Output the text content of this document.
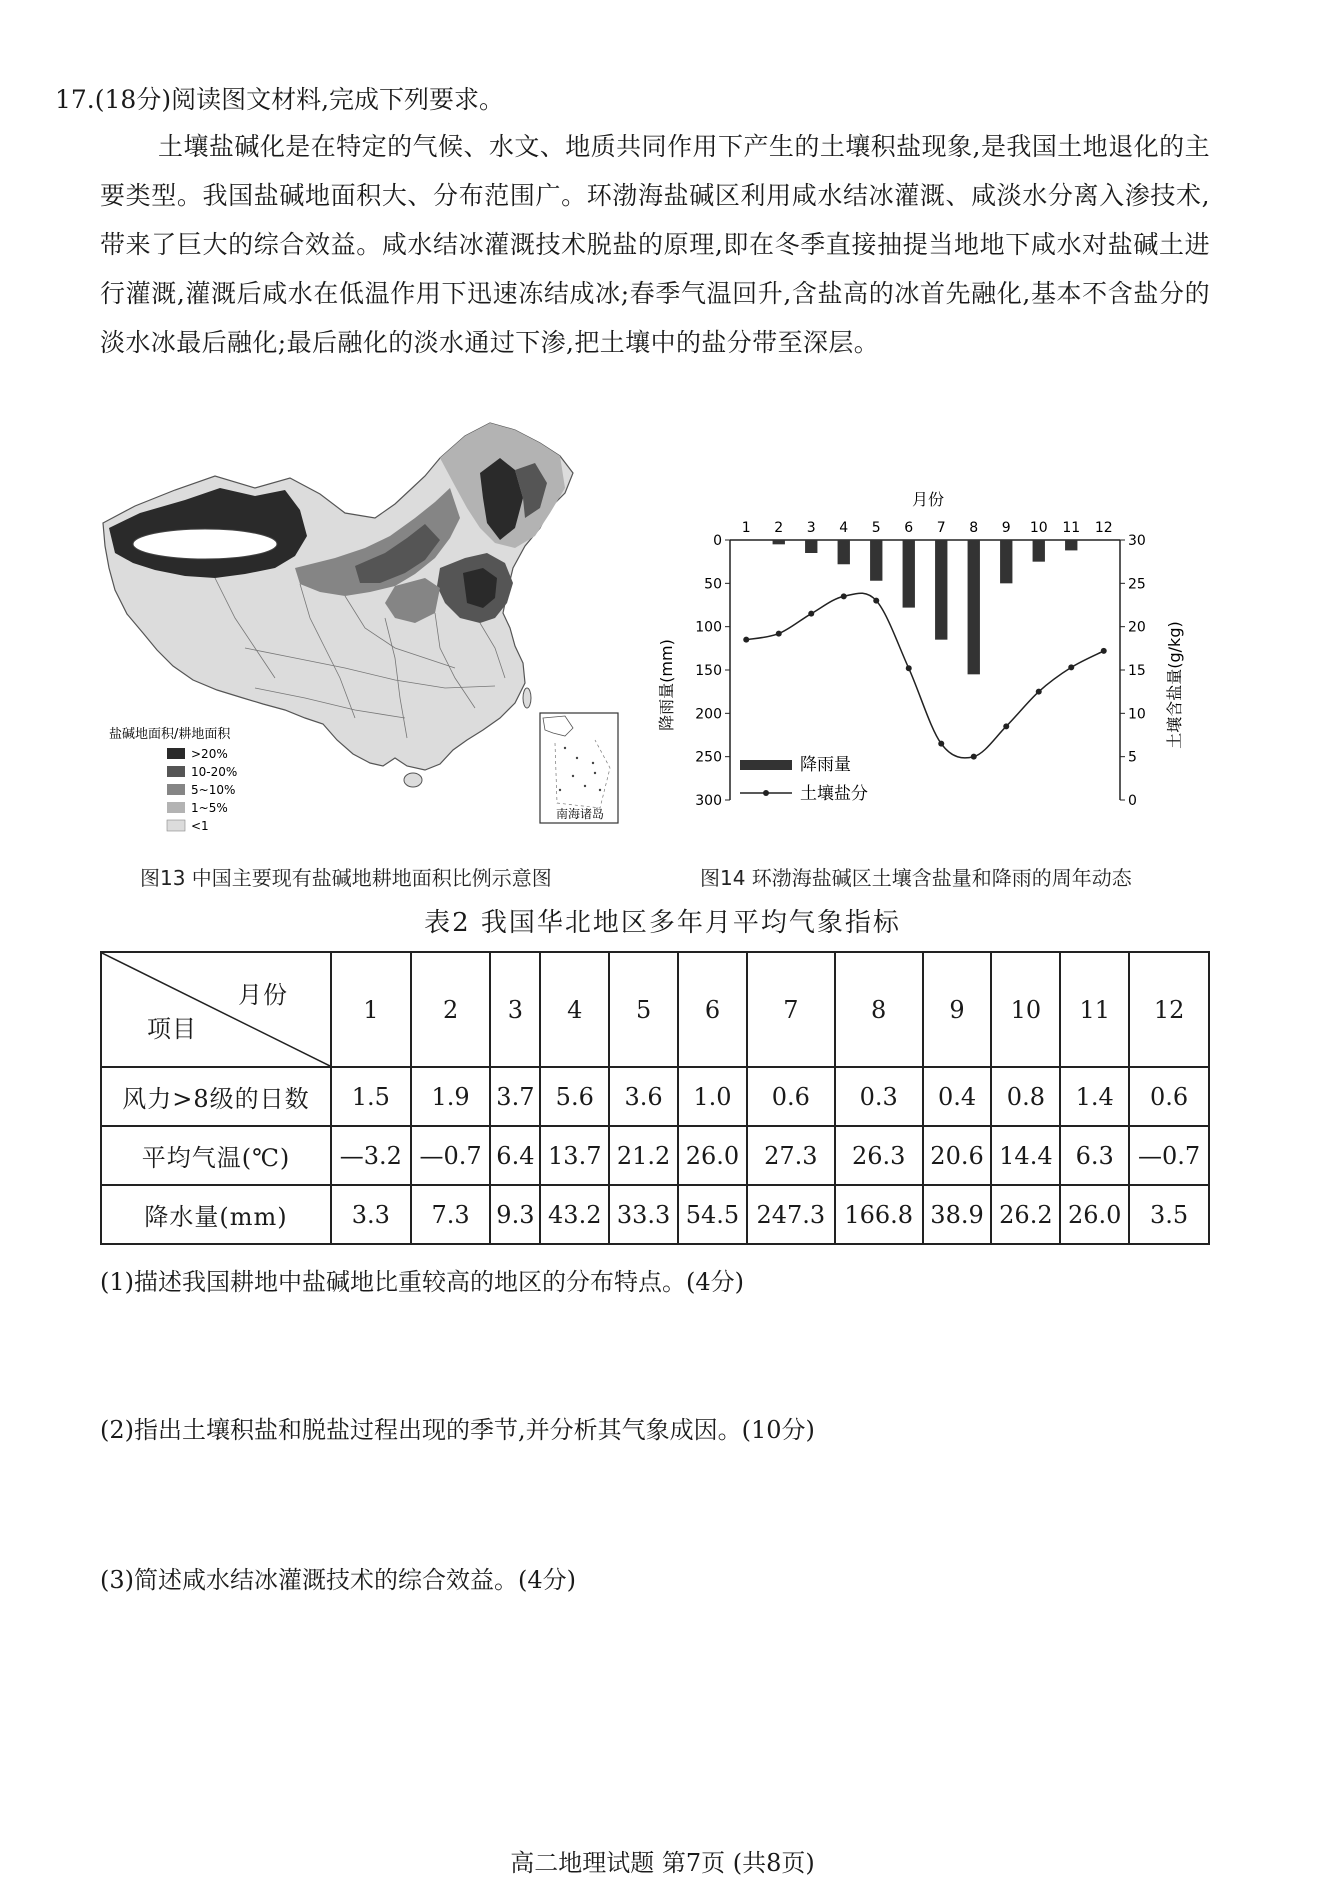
17.(18分)阅读图文材料,完成下列要求。
土壤盐碱化是在特定的气候、水文、地质共同作用下产生的土壤积盐现象,是我国土地退化的主要类型。我国盐碱地面积大、分布范围广。环渤海盐碱区利用咸水结冰灌溉、咸淡水分离入渗技术,带来了巨大的综合效益。咸水结冰灌溉技术脱盐的原理,即在冬季直接抽提当地地下咸水对盐碱土进行灌溉,灌溉后咸水在低温作用下迅速冻结成冰;春季气温回升,含盐高的冰首先融化,基本不含盐分的淡水冰最后融化;最后融化的淡水通过下渗,把土壤中的盐分带至深层。
南海诸岛
盐碱地面积/耕地面积
>20%
10-20%
5~10%
1~5%
<1
图13 中国主要现有盐碱地耕地面积比例示意图
月份
0
50
100
150
200
250
300	0
5
10
15
20
25
30
1 2 3 4 5 6 7 8 9 10 11 12
降雨量(mm)	土壤含盐量(g/kg)
降雨量
土壤盐分
图14 环渤海盐碱区土壤含盐量和降雨的周年动态
表2 我国华北地区多年月平均气象指标
月份
项目	1	2	3	4	5	6	7	8	9	10	11	12
风力>8级的日数	1.5	1.9	3.7	5.6	3.6	1.0	0.6	0.3	0.4	0.8	1.4	0.6
平均气温(℃)	—3.2	—0.7	6.4	13.7	21.2	26.0	27.3	26.3	20.6	14.4	6.3	—0.7
降水量(mm)	3.3	7.3	9.3	43.2	33.3	54.5	247.3	166.8	38.9	26.2	26.0	3.5
(1)描述我国耕地中盐碱地比重较高的地区的分布特点。(4分)
(2)指出土壤积盐和脱盐过程出现的季节,并分析其气象成因。(10分)
(3)简述咸水结冰灌溉技术的综合效益。(4分)
高二地理试题 第7页 (共8页)
